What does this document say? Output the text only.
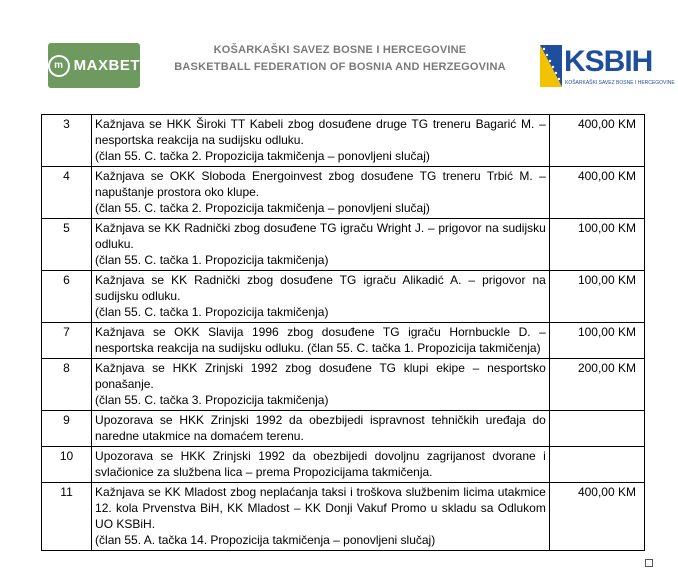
m MAXBET
KOŠARKAŠKI SAVEZ BOSNE I HERCEGOVINE
BASKETBALL FEDERATION OF BOSNIA AND HERZEGOVINA	KSBIH
KOŠARKAŠKI SAVEZ BOSNE I HERCEGOVINE
3	Kažnjava se HKK Široki TT Kabeli zbog dosuđene druge TG treneru Bagarić M. – nesportska reakcija na sudijsku odluku.
(član 55. C. tačka 2. Propozicija takmičenja – ponovljeni slučaj)	400,00 KM
4	Kažnjava se OKK Sloboda Energoinvest zbog dosuđene TG treneru Trbić M. – napuštanje prostora oko klupe.
(član 55. C. tačka 2. Propozicija takmičenja – ponovljeni slučaj)	400,00 KM
5	Kažnjava se KK Radnički zbog dosuđene TG igraču Wright J. – prigovor na sudijsku odluku.
(član 55. C. tačka 1. Propozicija takmičenja)	100,00 KM
6	Kažnjava se KK Radnički zbog dosuđene TG igraču Alikadić A. – prigovor na sudijsku odluku.
(član 55. C. tačka 1. Propozicija takmičenja)	100,00 KM
7	Kažnjava se OKK Slavija 1996 zbog dosuđene TG igraču Hornbuckle D. – nesportska reakcija na sudijsku odluku. (član 55. C. tačka 1. Propozicija takmičenja)	100,00 KM
8	Kažnjava se HKK Zrinjski 1992 zbog dosuđene TG klupi ekipe – nesportsko ponašanje.
(član 55. C. tačka 3. Propozicija takmičenja)	200,00 KM
9	Upozorava se HKK Zrinjski 1992 da obezbijedi ispravnost tehničkih uređaja do naredne utakmice na domaćem terenu.	

10	Upozorava se HKK Zrinjski 1992 da obezbijedi dovoljnu zagrijanost dvorane i svlačionice za službena lica – prema Propozicijama takmičenja.	

11	Kažnjava se KK Mladost zbog neplaćanja taksi i troškova službenim licima utakmice 12. kola Prvenstva BiH, KK Mladost – KK Donji Vakuf Promo u skladu sa Odlukom UO KSBiH.
(član 55. A. tačka 14. Propozicija takmičenja – ponovljeni slučaj)	400,00 KM
